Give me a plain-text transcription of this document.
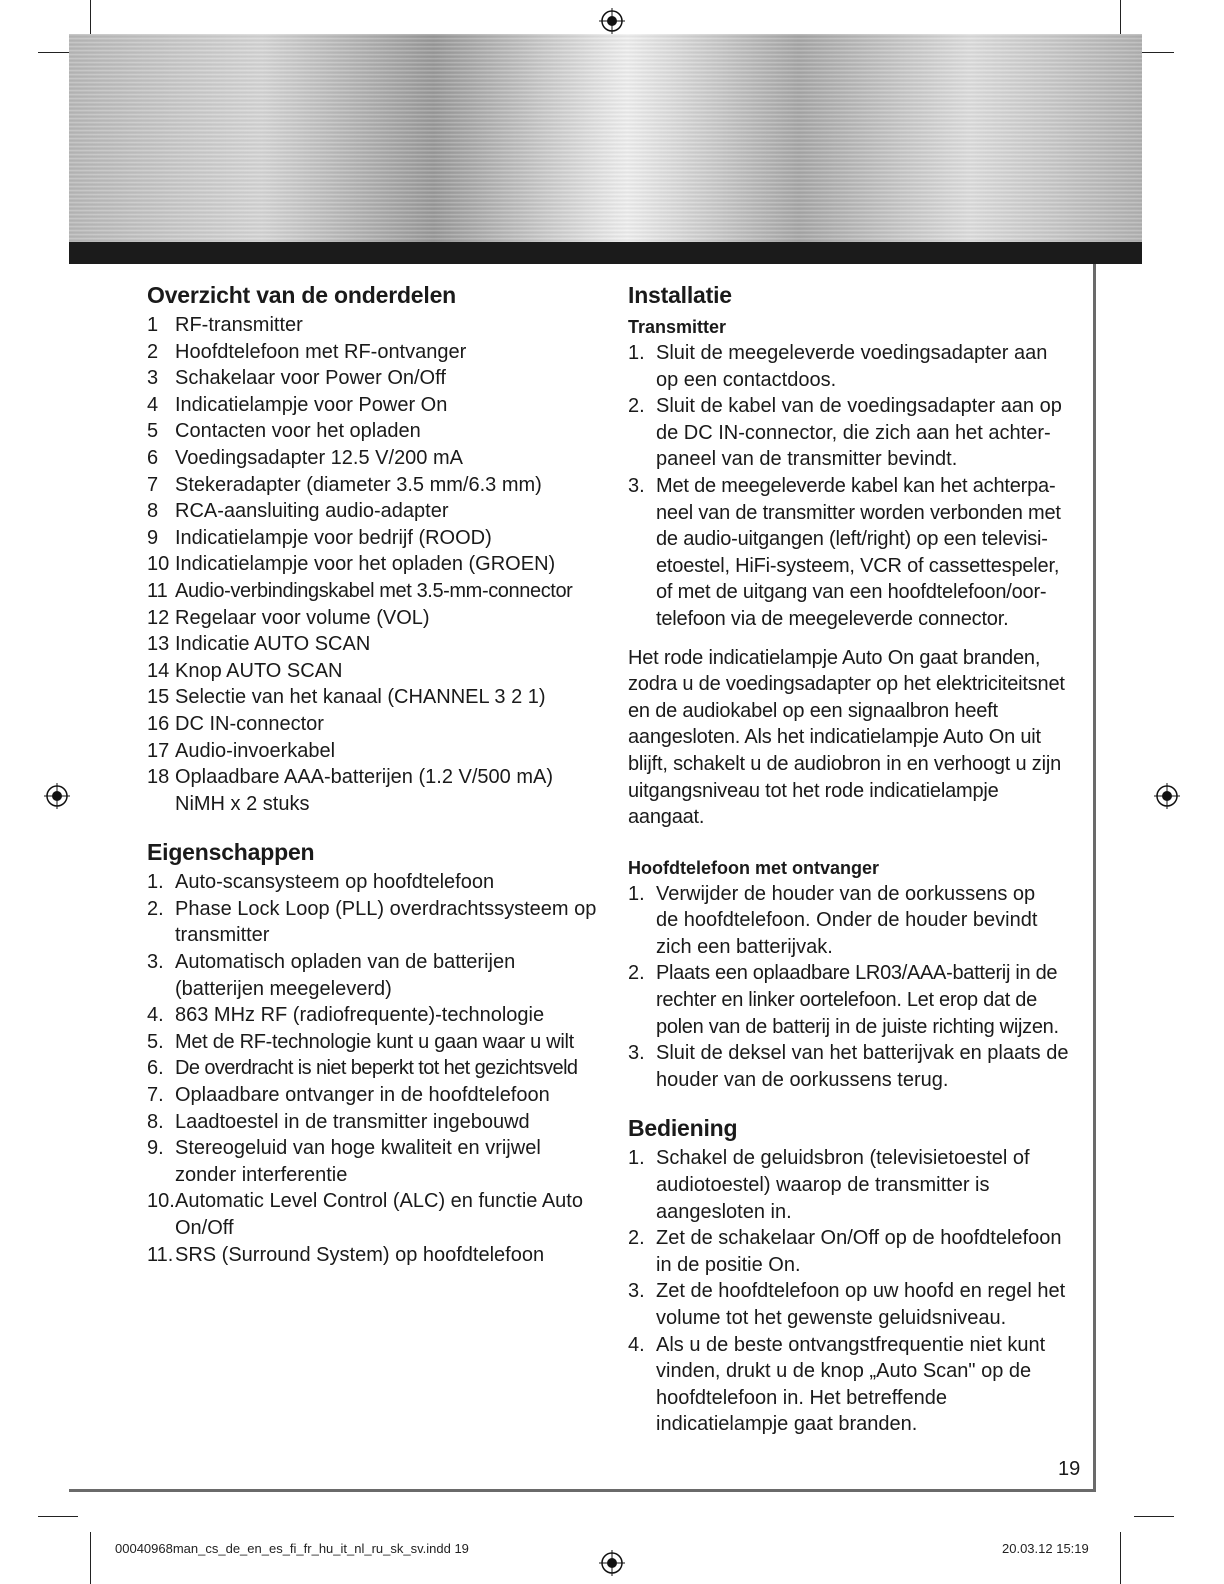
Overzicht van de onderdelen
1 RF-transmitter
2 Hoofdtelefoon met RF-ontvanger
3 Schakelaar voor Power On/Off
4 Indicatielampje voor Power On
5 Contacten voor het opladen
6 Voedingsadapter 12.5 V/200 mA
7 Stekeradapter (diameter 3.5 mm/6.3 mm)
8 RCA-aansluiting audio-adapter
9 Indicatielampje voor bedrijf (ROOD)
10 Indicatielampje voor het opladen (GROEN)
11 Audio-verbindingskabel met 3.5-mm-connector
12 Regelaar voor volume (VOL)
13 Indicatie AUTO SCAN
14 Knop AUTO SCAN
15 Selectie van het kanaal (CHANNEL 3 2 1)
16 DC IN-connector
17 Audio-invoerkabel
18 Oplaadbare AAA-batterijen (1.2 V/500 mA) NiMH x 2 stuks
Eigenschappen
1. Auto-scansysteem op hoofdtelefoon
2. Phase Lock Loop (PLL) overdrachtssysteem op transmitter
3. Automatisch opladen van de batterijen (batterijen meegeleverd)
4. 863 MHz RF (radiofrequente)-technologie
5. Met de RF-technologie kunt u gaan waar u wilt
6. De overdracht is niet beperkt tot het gezichtsveld
7. Oplaadbare ontvanger in de hoofdtelefoon
8. Laadtoestel in de transmitter ingebouwd
9. Stereogeluid van hoge kwaliteit en vrijwel zonder interferentie
10. Automatic Level Control (ALC) en functie Auto On/Off
11. SRS (Surround System) op hoofdtelefoon
Installatie
Transmitter
1. Sluit de meegeleverde voedingsadapter aan op een contactdoos.
2. Sluit de kabel van de voedingsadapter aan op de DC IN-connector, die zich aan het achter- paneel van de transmitter bevindt.
3. Met de meegeleverde kabel kan het achterpa- neel van de transmitter worden verbonden met de audio-uitgangen (left/right) op een televisi- etoestel, HiFi-systeem, VCR of cassettespeler, of met de uitgang van een hoofdtelefoon/oor- telefoon via de meegeleverde connector.

Het rode indicatielampje Auto On gaat branden, zodra u de voedingsadapter op het elektriciteitsnet en de audiokabel op een signaalbron heeft aangesloten. Als het indicatielampje Auto On uit blijft, schakelt u de audiobron in en verhoogt u zijn uitgangsniveau tot het rode indicatielampje aangaat.

Hoofdtelefoon met ontvanger
1. Verwijder de houder van de oorkussens op de hoofdtelefoon. Onder de houder bevindt zich een batterijvak.
2. Plaats een oplaadbare LR03/AAA-batterij in de rechter en linker oortelefoon. Let erop dat de polen van de batterij in de juiste richting wijzen.
3. Sluit de deksel van het batterijvak en plaats de houder van de oorkussens terug.
Bediening
1. Schakel de geluidsbron (televisietoestel of audiotoestel) waarop de transmitter is aangesloten in.
2. Zet de schakelaar On/Off op de hoofdtelefoon in de positie On.
3. Zet de hoofdtelefoon op uw hoofd en regel het volume tot het gewenste geluidsniveau.
4. Als u de beste ontvangstfrequentie niet kunt vinden, drukt u de knop „Auto Scan" op de hoofdtelefoon in. Het betreffende indicatielampje gaat branden.
19
00040968man_cs_de_en_es_fi_fr_hu_it_nl_ru_sk_sv.indd 19	20.03.12 15:19
